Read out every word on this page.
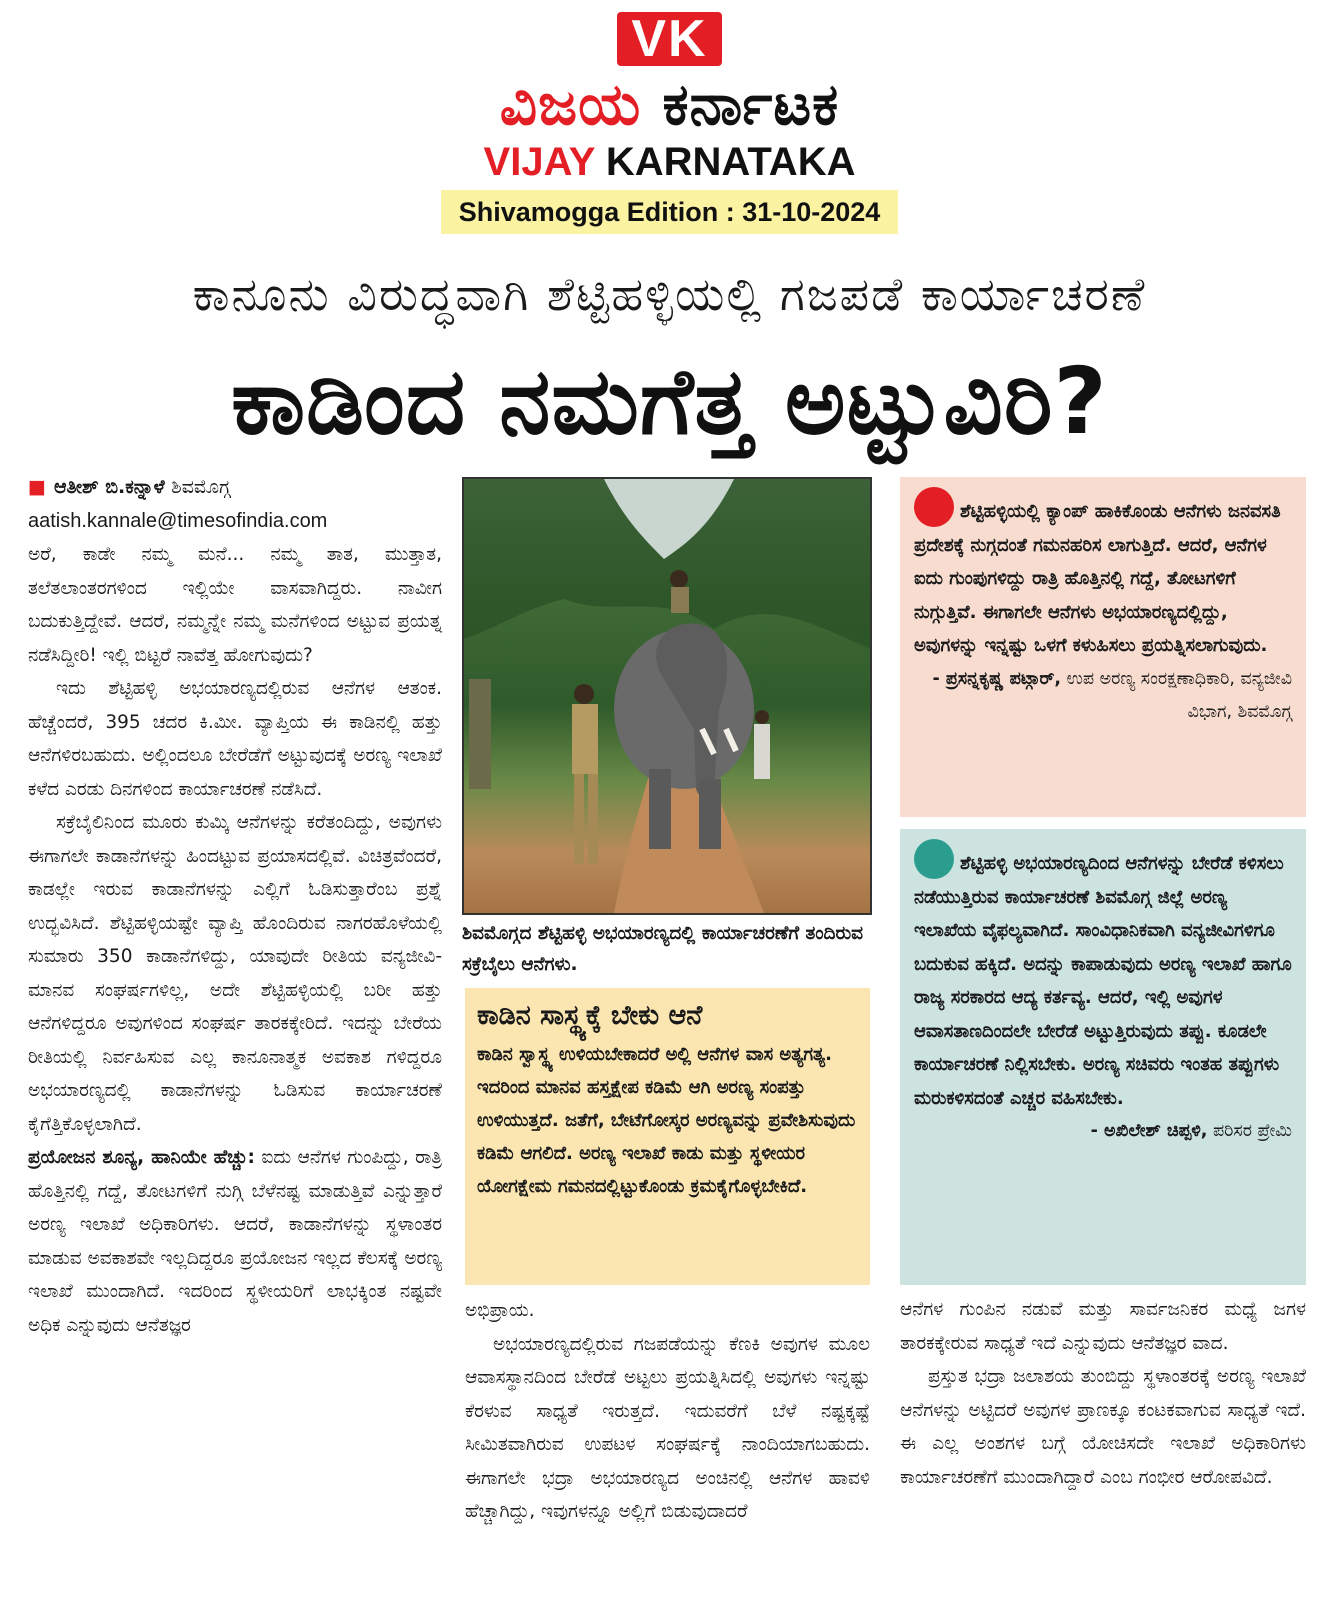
VK
ವಿಜಯ ಕರ್ನಾಟಕ
VIJAY KARNATAKA
Shivamogga Edition : 31-10-2024
ಕಾನೂನು ವಿರುದ್ಧವಾಗಿ ಶೆಟ್ಟಿಹಳ್ಳಿಯಲ್ಲಿ ಗಜಪಡೆ ಕಾರ್ಯಾಚರಣೆ
ಕಾಡಿಂದ ನಮಗೆತ್ತ ಅಟ್ಟುವಿರಿ?
■ ಆತೀಶ್ ಬಿ.ಕನ್ನಾಳೆ ಶಿವಮೊಗ್ಗ
aatish.kannale@timesofindia.com

ಅರೆ, ಕಾಡೇ ನಮ್ಮ ಮನೆ... ನಮ್ಮ ತಾತ, ಮುತ್ತಾತ, ತಲೆತಲಾಂತರಗಳಿಂದ ಇಲ್ಲಿಯೇ ವಾಸವಾಗಿದ್ದರು. ನಾವೀಗ ಬದುಕುತ್ತಿದ್ದೇವೆ. ಆದರೆ, ನಮ್ಮನ್ನೇ ನಮ್ಮ ಮನೆಗಳಿಂದ ಅಟ್ಟುವ ಪ್ರಯತ್ನ ನಡೆಸಿದ್ದೀರಿ! ಇಲ್ಲಿ ಬಿಟ್ಟರೆ ನಾವೆತ್ತ ಹೋಗುವುದು?

ಇದು ಶೆಟ್ಟಿಹಳ್ಳಿ ಅಭಯಾರಣ್ಯದಲ್ಲಿರುವ ಆನೆಗಳ ಆತಂಕ. ಹೆಚ್ಚೆಂದರೆ, 395 ಚದರ ಕಿ.ಮೀ. ವ್ಯಾಪ್ತಿಯ ಈ ಕಾಡಿನಲ್ಲಿ ಹತ್ತು ಆನೆಗಳಿರಬಹುದು. ಅಲ್ಲಿಂದಲೂ ಬೇರೆಡೆಗೆ ಅಟ್ಟುವುದಕ್ಕೆ ಅರಣ್ಯ ಇಲಾಖೆ ಕಳೆದ ಎರಡು ದಿನಗಳಿಂದ ಕಾರ್ಯಾಚರಣೆ ನಡೆಸಿದೆ.

ಸಕ್ರೆಬೈಲಿನಿಂದ ಮೂರು ಕುಮ್ಕಿ ಆನೆಗಳನ್ನು ಕರೆತಂದಿದ್ದು, ಅವುಗಳು ಈಗಾಗಲೇ ಕಾಡಾನೆಗಳನ್ನು ಹಿಂದಟ್ಟುವ ಪ್ರಯಾಸದಲ್ಲಿವೆ. ವಿಚಿತ್ರವೆಂದರೆ, ಕಾಡಲ್ಲೇ ಇರುವ ಕಾಡಾನೆಗಳನ್ನು ಎಲ್ಲಿಗೆ ಓಡಿಸುತ್ತಾರೆಂಬ ಪ್ರಶ್ನೆ ಉದ್ಭವಿಸಿದೆ. ಶೆಟ್ಟಿಹಳ್ಳಿಯಷ್ಟೇ ವ್ಯಾಪ್ತಿ ಹೊಂದಿರುವ ನಾಗರಹೊಳೆಯಲ್ಲಿ ಸುಮಾರು 350 ಕಾಡಾನೆಗಳಿದ್ದು, ಯಾವುದೇ ರೀತಿಯ ವನ್ಯಜೀವಿ-ಮಾನವ ಸಂಘರ್ಷಗಳಿಲ್ಲ, ಅದೇ ಶೆಟ್ಟಿಹಳ್ಳಿಯಲ್ಲಿ ಬರೀ ಹತ್ತು ಆನೆಗಳಿದ್ದರೂ ಅವುಗಳಿಂದ ಸಂಘರ್ಷ ತಾರಕಕ್ಕೇರಿದೆ. ಇದನ್ನು ಬೇರೆಯ ರೀತಿಯಲ್ಲಿ ನಿರ್ವಹಿಸುವ ಎಲ್ಲ ಕಾನೂನಾತ್ಮಕ ಅವಕಾಶ ಗಳಿದ್ದರೂ ಅಭಯಾರಣ್ಯದಲ್ಲಿ ಕಾಡಾನೆಗಳನ್ನು ಓಡಿಸುವ ಕಾರ್ಯಾಚರಣೆ ಕೈಗೆತ್ತಿಕೊಳ್ಳಲಾಗಿದೆ.

ಪ್ರಯೋಜನ ಶೂನ್ಯ, ಹಾನಿಯೇ ಹೆಚ್ಚು: ಐದು ಆನೆಗಳ ಗುಂಪಿದ್ದು, ರಾತ್ರಿ ಹೊತ್ತಿನಲ್ಲಿ ಗದ್ದೆ, ತೋಟಗಳಿಗೆ ನುಗ್ಗಿ ಬೆಳೆನಷ್ಟ ಮಾಡುತ್ತಿವೆ ಎನ್ನುತ್ತಾರೆ ಅರಣ್ಯ ಇಲಾಖೆ ಅಧಿಕಾರಿಗಳು. ಆದರೆ, ಕಾಡಾನೆಗಳನ್ನು ಸ್ಥಳಾಂತರ ಮಾಡುವ ಅವಕಾಶವೇ ಇಲ್ಲದಿದ್ದರೂ ಪ್ರಯೋಜನ ಇಲ್ಲದ ಕೆಲಸಕ್ಕೆ ಅರಣ್ಯ ಇಲಾಖೆ ಮುಂದಾಗಿದೆ. ಇದರಿಂದ ಸ್ಥಳೀಯರಿಗೆ ಲಾಭಕ್ಕಿಂತ ನಷ್ಟವೇ ಅಧಿಕ ಎನ್ನುವುದು ಆನೆತಜ್ಞರ

ಶಿವಮೊಗ್ಗದ ಶೆಟ್ಟಿಹಳ್ಳಿ ಅಭಯಾರಣ್ಯದಲ್ಲಿ ಕಾರ್ಯಾಚರಣೆಗೆ ತಂದಿರುವ ಸಕ್ರೆಬೈಲು ಆನೆಗಳು.
ಕಾಡಿನ ಸಾಸ್ಥ್ಯಕ್ಕೆ ಬೇಕು ಆನೆ
ಕಾಡಿನ ಸ್ವಾಸ್ಥ್ಯ ಉಳಿಯಬೇಕಾದರೆ ಅಲ್ಲಿ ಆನೆಗಳ ವಾಸ ಅತ್ಯಗತ್ಯ. ಇದರಿಂದ ಮಾನವ ಹಸ್ತಕ್ಷೇಪ ಕಡಿಮೆ ಆಗಿ ಅರಣ್ಯ ಸಂಪತ್ತು ಉಳಿಯುತ್ತದೆ. ಜತೆಗೆ, ಬೇಟೆಗೋಸ್ಕರ ಅರಣ್ಯವನ್ನು ಪ್ರವೇಶಿಸುವುದು ಕಡಿಮೆ ಆಗಲಿದೆ. ಅರಣ್ಯ ಇಲಾಖೆ ಕಾಡು ಮತ್ತು ಸ್ಥಳೀಯರ ಯೋಗಕ್ಷೇಮ ಗಮನದಲ್ಲಿಟ್ಟುಕೊಂಡು ಕ್ರಮಕೈಗೊಳ್ಳಬೇಕಿದೆ.

ಅಭಿಪ್ರಾಯ.

ಅಭಯಾರಣ್ಯದಲ್ಲಿರುವ ಗಜಪಡೆಯನ್ನು ಕೆಣಕಿ ಅವುಗಳ ಮೂಲ ಆವಾಸಸ್ಥಾನದಿಂದ ಬೇರೆಡೆ ಅಟ್ಟಲು ಪ್ರಯತ್ನಿಸಿದಲ್ಲಿ ಅವುಗಳು ಇನ್ನಷ್ಟು ಕೆರಳುವ ಸಾಧ್ಯತೆ ಇರುತ್ತದೆ. ಇದುವರೆಗೆ ಬೆಳೆ ನಷ್ಟಕ್ಕಷ್ಟೆ ಸೀಮಿತವಾಗಿರುವ ಉಪಟಳ ಸಂಘರ್ಷಕ್ಕೆ ನಾಂದಿಯಾಗಬಹುದು. ಈಗಾಗಲೇ ಭದ್ರಾ ಅಭಯಾರಣ್ಯದ ಅಂಚಿನಲ್ಲಿ ಆನೆಗಳ ಹಾವಳಿ ಹೆಚ್ಚಾಗಿದ್ದು, ಇವುಗಳನ್ನೂ ಅಲ್ಲಿಗೆ ಬಿಡುವುದಾದರೆ

ಶೆಟ್ಟಿಹಳ್ಳಿಯಲ್ಲಿ ಕ್ಯಾಂಪ್ ಹಾಕಿಕೊಂಡು ಆನೆಗಳು ಜನವಸತಿ ಪ್ರದೇಶಕ್ಕೆ ನುಗ್ಗದಂತೆ ಗಮನಹರಿಸ ಲಾಗುತ್ತಿದೆ. ಆದರೆ, ಆನೆಗಳ ಐದು ಗುಂಪುಗಳಿದ್ದು ರಾತ್ರಿ ಹೊತ್ತಿನಲ್ಲಿ ಗದ್ದೆ, ತೋಟಗಳಿಗೆ ನುಗ್ಗುತ್ತಿವೆ. ಈಗಾಗಲೇ ಆನೆಗಳು ಅಭಯಾರಣ್ಯದಲ್ಲಿದ್ದು, ಅವುಗಳನ್ನು ಇನ್ನಷ್ಟು ಒಳಗೆ ಕಳುಹಿಸಲು ಪ್ರಯತ್ನಿಸಲಾಗುವುದು.
- ಪ್ರಸನ್ನಕೃಷ್ಣ ಪಟ್ಗಾರ್, ಉಪ ಅರಣ್ಯ ಸಂರಕ್ಷಣಾಧಿಕಾರಿ, ವನ್ಯಜೀವಿ ವಿಭಾಗ, ಶಿವಮೊಗ್ಗ
ಶೆಟ್ಟಿಹಳ್ಳಿ ಅಭಯಾರಣ್ಯದಿಂದ ಆನೆಗಳನ್ನು ಬೇರೆಡೆ ಕಳಿಸಲು ನಡೆಯುತ್ತಿರುವ ಕಾರ್ಯಾಚರಣೆ ಶಿವಮೊಗ್ಗ ಜಿಲ್ಲೆ ಅರಣ್ಯ ಇಲಾಖೆಯ ವೈಫಲ್ಯವಾಗಿದೆ. ಸಾಂವಿಧಾನಿಕವಾಗಿ ವನ್ಯಜೀವಿಗಳಿಗೂ ಬದುಕುವ ಹಕ್ಕಿದೆ. ಅದನ್ನು ಕಾಪಾಡುವುದು ಅರಣ್ಯ ಇಲಾಖೆ ಹಾಗೂ ರಾಜ್ಯ ಸರಕಾರದ ಆದ್ಯ ಕರ್ತವ್ಯ. ಆದರೆ, ಇಲ್ಲಿ ಅವುಗಳ ಆವಾಸತಾಣದಿಂದಲೇ ಬೇರೆಡೆ ಅಟ್ಟುತ್ತಿರುವುದು ತಪ್ಪು. ಕೂಡಲೇ ಕಾರ್ಯಾಚರಣೆ ನಿಲ್ಲಿಸಬೇಕು. ಅರಣ್ಯ ಸಚಿವರು ಇಂತಹ ತಪ್ಪುಗಳು ಮರುಕಳಿಸದಂತೆ ಎಚ್ಚರ ವಹಿಸಬೇಕು.
- ಅಖಿಲೇಶ್ ಚಿಪ್ಪಳಿ, ಪರಿಸರ ಪ್ರೇಮಿ

ಆನೆಗಳ ಗುಂಪಿನ ನಡುವೆ ಮತ್ತು ಸಾರ್ವಜನಿಕರ ಮಧ್ಯೆ ಜಗಳ ತಾರಕಕ್ಕೇರುವ ಸಾಧ್ಯತೆ ಇದೆ ಎನ್ನುವುದು ಆನೆತಜ್ಞರ ವಾದ.

ಪ್ರಸ್ತುತ ಭದ್ರಾ ಜಲಾಶಯ ತುಂಬಿದ್ದು ಸ್ಥಳಾಂತರಕ್ಕೆ ಅರಣ್ಯ ಇಲಾಖೆ ಆನೆಗಳನ್ನು ಅಟ್ಟಿದರೆ ಅವುಗಳ ಪ್ರಾಣಕ್ಕೂ ಕಂಟಕವಾಗುವ ಸಾಧ್ಯತೆ ಇದೆ. ಈ ಎಲ್ಲ ಅಂಶಗಳ ಬಗ್ಗೆ ಯೋಚಿಸದೇ ಇಲಾಖೆ ಅಧಿಕಾರಿಗಳು ಕಾರ್ಯಾಚರಣೆಗೆ ಮುಂದಾಗಿದ್ದಾರೆ ಎಂಬ ಗಂಭೀರ ಆರೋಪವಿದೆ.
